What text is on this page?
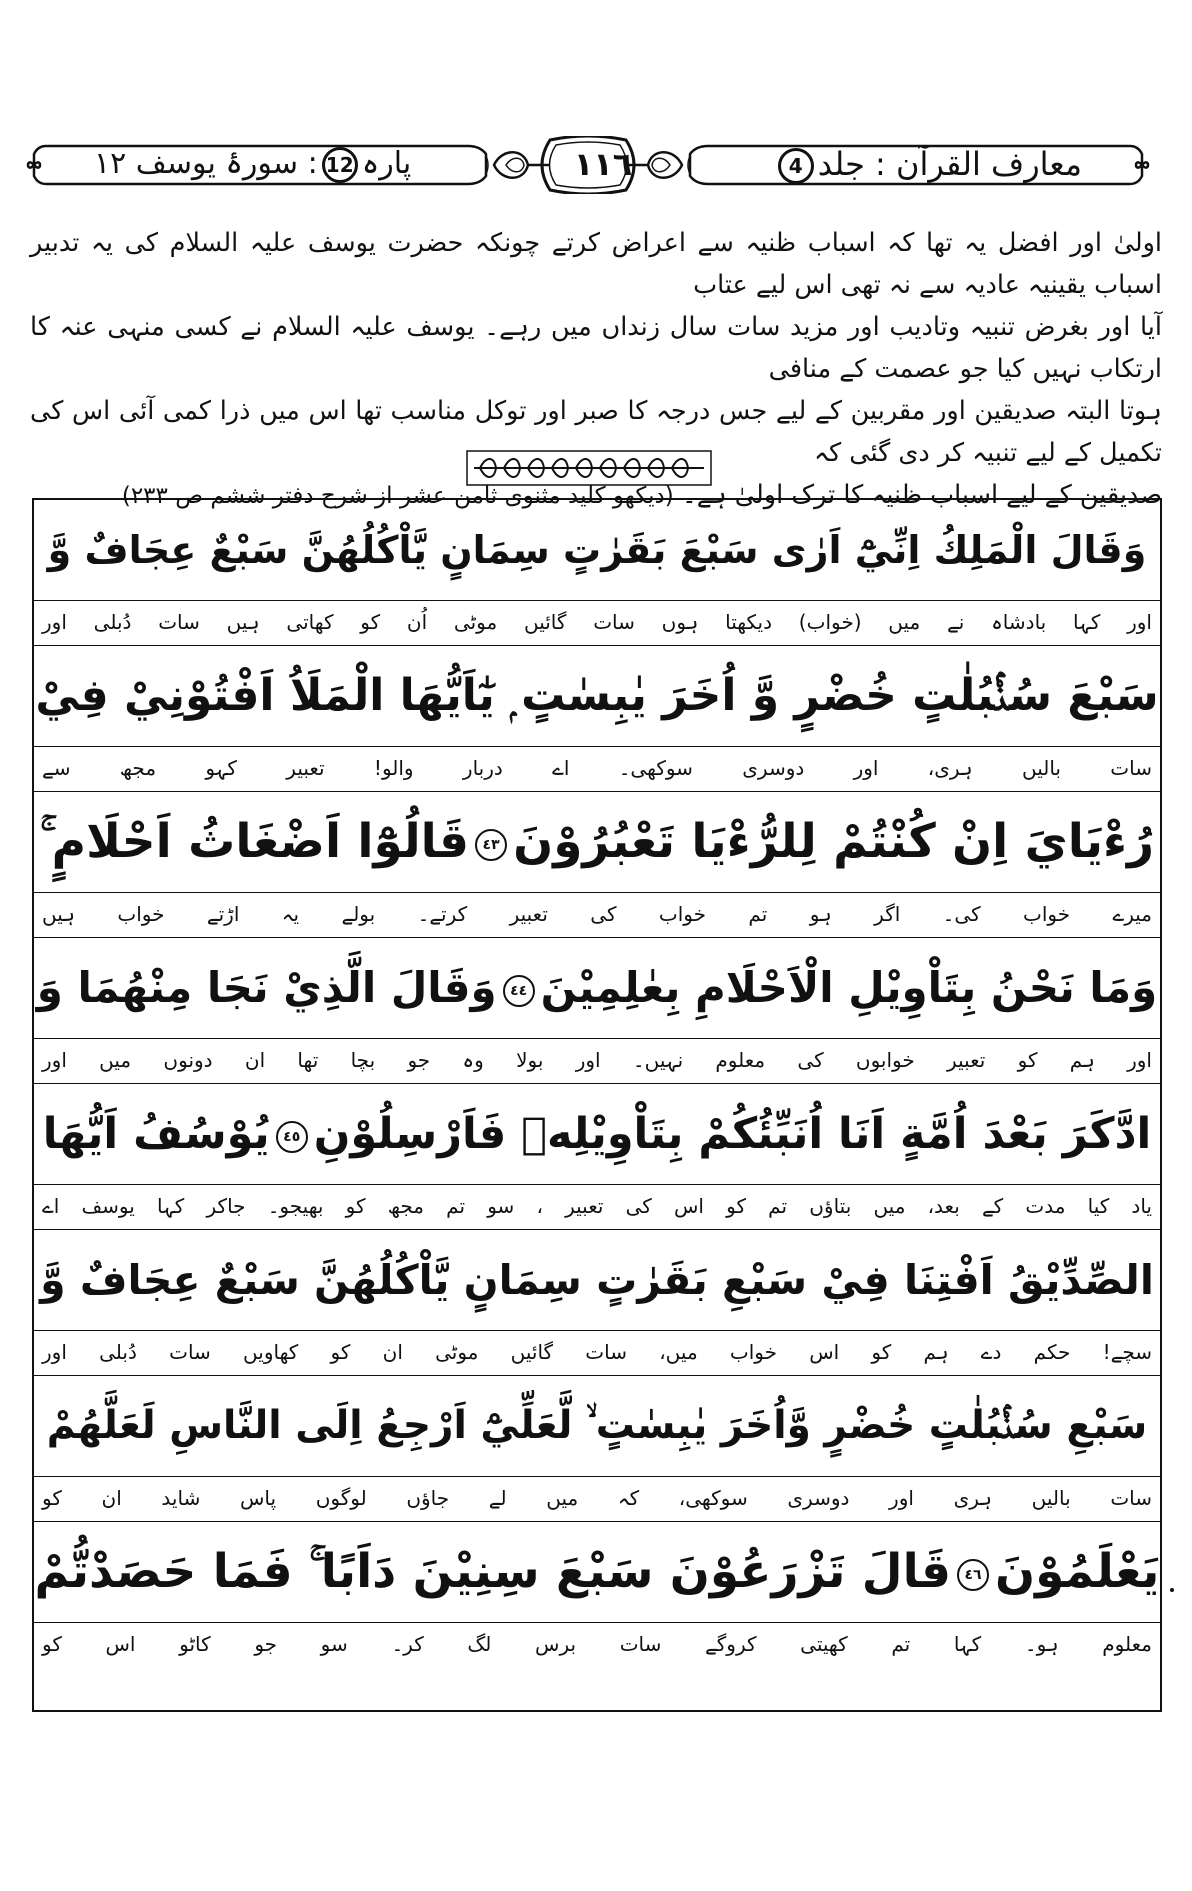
معارف القرآن : جلد4
١١٦
پارہ12: سورۂ یوسف ١٢

اولیٰ اور افضل یہ تھا کہ اسباب ظنیہ سے اعراض کرتے چونکہ حضرت یوسف علیہ السلام کی یہ تدبیر اسباب یقینیہ عادیہ سے نہ تھی اس لیے عتاب

آیا اور بغرض تنبیہ وتادیب اور مزید سات سال زنداں میں رہے۔ یوسف علیہ السلام نے کسی منہی عنہ کا ارتکاب نہیں کیا جو عصمت کے منافی

ہوتا البتہ صدیقین اور مقربین کے لیے جس درجہ کا صبر اور توکل مناسب تھا اس میں ذرا کمی آئی اس کی تکمیل کے لیے تنبیہ کر دی گئی کہ

صدیقین کے لیے اسباب ظنیہ کا ترک اولیٰ ہے۔ (دیکھو کلید مثنوی ثامن عشر از شرح دفتر ششم ص ۲۳۳)

وَقَالَ الْمَلِكُ اِنِّيْٓ اَرٰى سَبْعَ بَقَرٰتٍ سِمَانٍ يَّاْكُلُهُنَّ سَبْعٌ عِجَافٌ وَّ
اور کہا بادشاہ نے میں (خواب) دیکھتا ہوں سات گائیں موٹی اُن کو کھاتی ہیں سات دُبلی اور
سَبْعَ سُنْۢبُلٰتٍ خُضْرٍ وَّ اُخَرَ يٰبِسٰتٍ ۭ يٰٓاَيُّهَا الْمَلَاُ اَفْتُوْنِيْ فِيْ
سات بالیں ہری، اور دوسری سوکھی۔ اے دربار والو! تعبیر کہو مجھ سے
رُءْيَايَ اِنْ كُنْتُمْ لِلرُّءْيَا تَعْبُرُوْنَ٤٣قَالُوْٓا اَضْغَاثُ اَحْلَامٍ ۚ
میرے خواب کی۔ اگر ہو تم خواب کی تعبیر کرتے۔ بولے یہ اڑتے خواب ہیں
وَمَا نَحْنُ بِتَاْوِيْلِ الْاَحْلَامِ بِعٰلِمِيْنَ٤٤وَقَالَ الَّذِيْ نَجَا مِنْهُمَا وَ
اور ہم کو تعبیر خوابوں کی معلوم نہیں۔ اور بولا وہ جو بچا تھا ان دونوں میں اور
ادَّكَرَ بَعْدَ اُمَّةٍ اَنَا اُنَبِّئُكُمْ بِتَاْوِيْلِهٖ فَاَرْسِلُوْنِ٤٥يُوْسُفُ اَيُّهَا
یاد کیا مدت کے بعد، میں بتاؤں تم کو اس کی تعبیر ، سو تم مجھ کو بھیجو۔ جاکر کہا یوسف اے
الصِّدِّيْقُ اَفْتِنَا فِيْ سَبْعِ بَقَرٰتٍ سِمَانٍ يَّاْكُلُهُنَّ سَبْعٌ عِجَافٌ وَّ
سچے! حکم دے ہم کو اس خواب میں، سات گائیں موٹی ان کو کھاویں سات دُبلی اور
سَبْعِ سُنْۢبُلٰتٍ خُضْرٍ وَّاُخَرَ يٰبِسٰتٍ ۙ لَّعَلِّيْٓ اَرْجِعُ اِلَى النَّاسِ لَعَلَّهُمْ
سات بالیں ہری اور دوسری سوکھی، کہ میں لے جاؤں لوگوں پاس شاید ان کو
يَعْلَمُوْنَ٤٦قَالَ تَزْرَعُوْنَ سَبْعَ سِنِيْنَ دَاَبًا ۚ فَمَا حَصَدْتُّمْ
معلوم ہو۔ کہا تم کھیتی کروگے سات برس لگ کر۔ سو جو کاٹو اس کو
